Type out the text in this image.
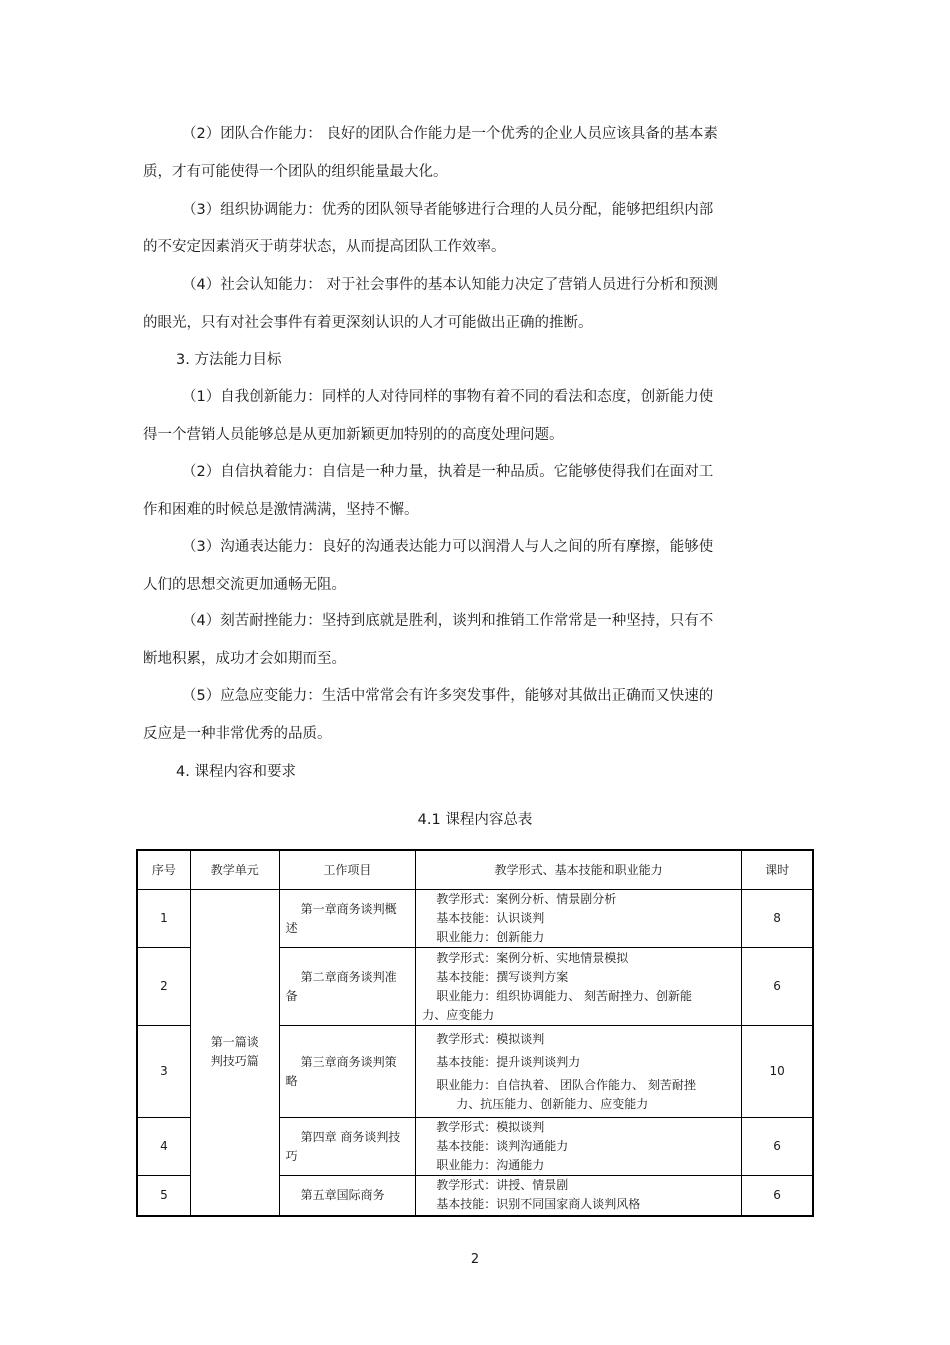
（2）团队合作能力： 良好的团队合作能力是一个优秀的企业人员应该具备的基本素
质，才有可能使得一个团队的组织能量最大化。
（3）组织协调能力：优秀的团队领导者能够进行合理的人员分配，能够把组织内部
的不安定因素消灭于萌芽状态，从而提高团队工作效率。
（4）社会认知能力： 对于社会事件的基本认知能力决定了营销人员进行分析和预测
的眼光，只有对社会事件有着更深刻认识的人才可能做出正确的推断。
3. 方法能力目标
（1）自我创新能力：同样的人对待同样的事物有着不同的看法和态度，创新能力使
得一个营销人员能够总是从更加新颖更加特别的的高度处理问题。
（2）自信执着能力：自信是一种力量，执着是一种品质。它能够使得我们在面对工
作和困难的时候总是激情满满，坚持不懈。
（3）沟通表达能力：良好的沟通表达能力可以润滑人与人之间的所有摩擦，能够使
人们的思想交流更加通畅无阻。
（4）刻苦耐挫能力：坚持到底就是胜利，谈判和推销工作常常是一种坚持，只有不
断地积累，成功才会如期而至。
（5）应急应变能力：生活中常常会有许多突发事件，能够对其做出正确而又快速的
反应是一种非常优秀的品质。
4. 课程内容和要求
4.1 课程内容总表
序号	教学单元	工作项目	教学形式、基本技能和职业能力	课时
1	第一篇谈
判技巧篇	第一章商务谈判概述	教学形式：案例分析、情景剧分析
基本技能：认识谈判
职业能力：创新能力	8
2		第二章商务谈判准备	教学形式：案例分析、实地情景模拟
基本技能：撰写谈判方案
职业能力：组织协调能力、 刻苦耐挫力、创新能
力、应变能力	6
3		第三章商务谈判策略	教学形式：模拟谈判
基本技能：提升谈判谈判力
职业能力：自信执着、 团队合作能力、 刻苦耐挫
力、抗压能力、创新能力、应变能力	10
4		第四章 商务谈判技巧	教学形式：模拟谈判
基本技能：谈判沟通能力
职业能力：沟通能力	6
5		第五章国际商务	教学形式：讲授、情景剧
基本技能：识别不同国家商人谈判风格	6
2
